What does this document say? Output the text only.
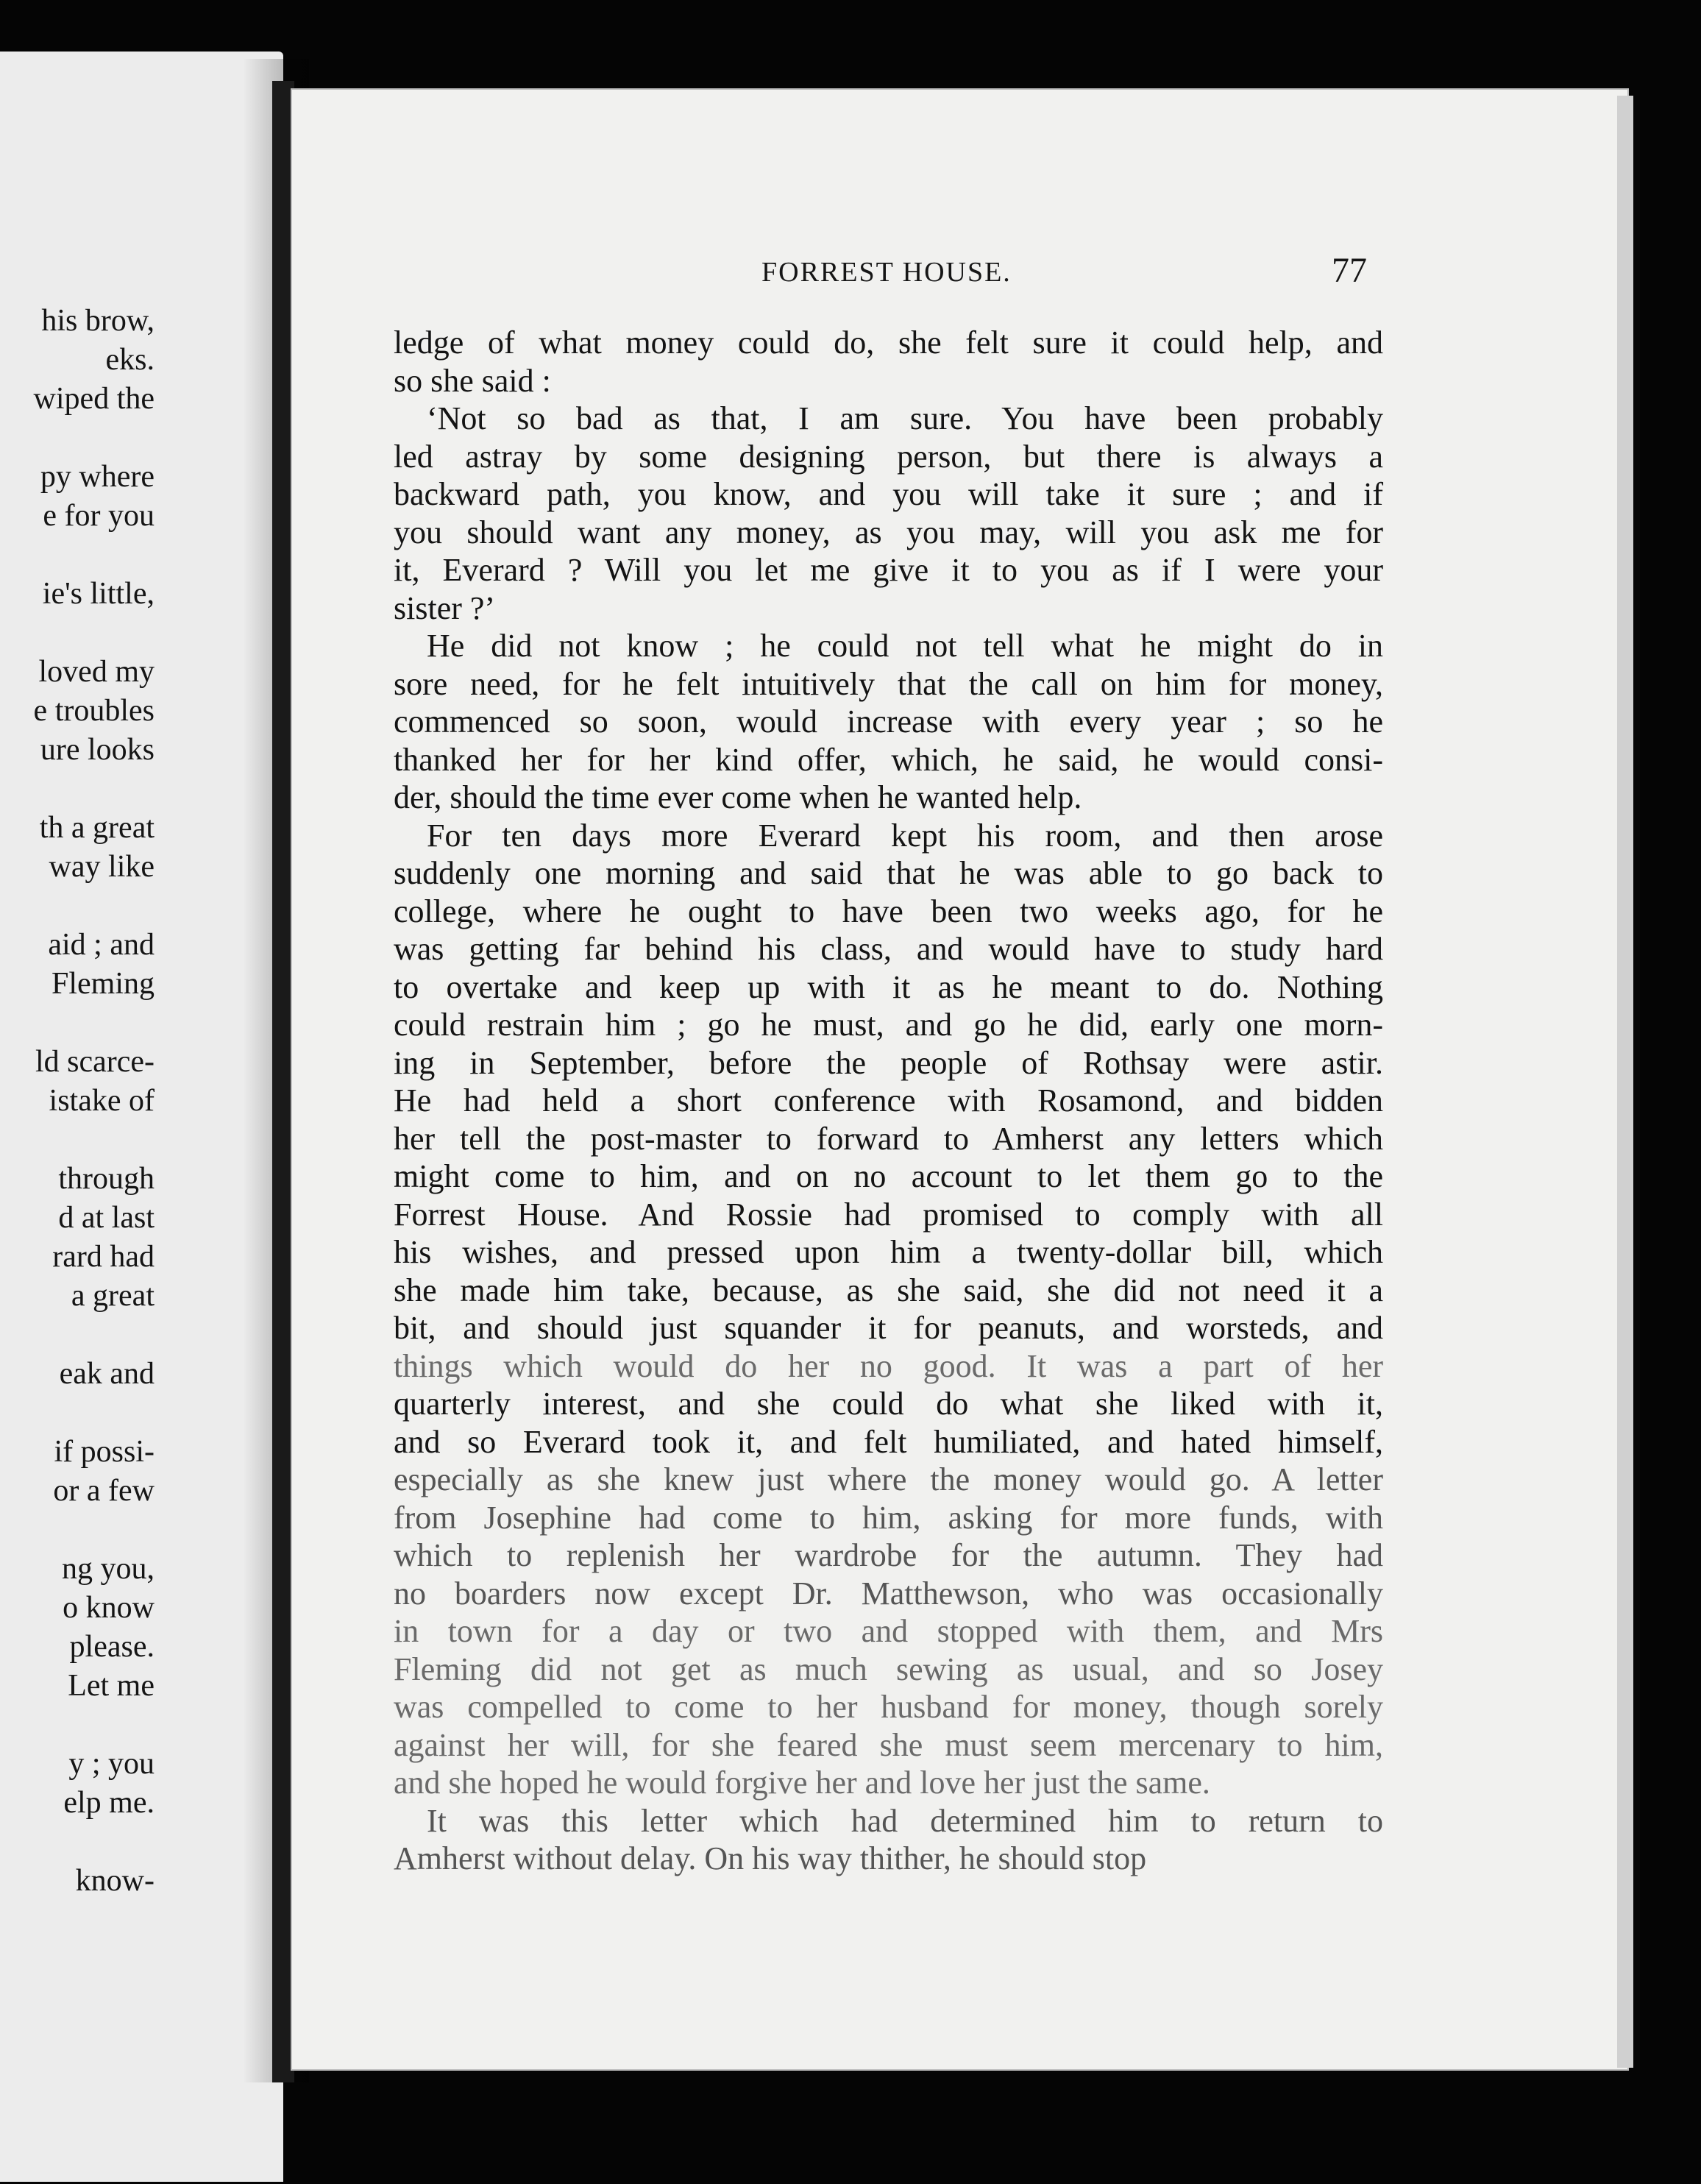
his brow,
eks.
wiped the
py where
e for you
ie's little,
loved my
e troubles
ure looks
th a great
way like
aid ; and
Fleming
ld scarce-
istake of
through
d at last
rard had
a great
eak and
if possi-
or a few
ng you,
o know
please.
Let me
y ; you
elp me.
know-
FORREST HOUSE.	77
ledge of what money could do, she felt sure it could help, and
so she said :
‘Not so bad as that, I am sure. You have been probably
led astray by some designing person, but there is always a
backward path, you know, and you will take it sure ; and if
you should want any money, as you may, will you ask me for
it, Everard ? Will you let me give it to you as if I were your
sister ?’
He did not know ; he could not tell what he might do in
sore need, for he felt intuitively that the call on him for money,
commenced so soon, would increase with every year ; so he
thanked her for her kind offer, which, he said, he would consi-
der, should the time ever come when he wanted help.
For ten days more Everard kept his room, and then arose
suddenly one morning and said that he was able to go back to
college, where he ought to have been two weeks ago, for he
was getting far behind his class, and would have to study hard
to overtake and keep up with it as he meant to do. Nothing
could restrain him ; go he must, and go he did, early one morn-
ing in September, before the people of Rothsay were astir.
He had held a short conference with Rosamond, and bidden
her tell the post-master to forward to Amherst any letters which
might come to him, and on no account to let them go to the
Forrest House. And Rossie had promised to comply with all
his wishes, and pressed upon him a twenty-dollar bill, which
she made him take, because, as she said, she did not need it a
bit, and should just squander it for peanuts, and worsteds, and
things which would do her no good. It was a part of her
quarterly interest, and she could do what she liked with it,
and so Everard took it, and felt humiliated, and hated himself,
especially as she knew just where the money would go. A letter
from Josephine had come to him, asking for more funds, with
which to replenish her wardrobe for the autumn. They had
no boarders now except Dr. Matthewson, who was occasionally
in town for a day or two and stopped with them, and Mrs
Fleming did not get as much sewing as usual, and so Josey
was compelled to come to her husband for money, though sorely
against her will, for she feared she must seem mercenary to him,
and she hoped he would forgive her and love her just the same.
It was this letter which had determined him to return to
Amherst without delay. On his way thither, he should stop
